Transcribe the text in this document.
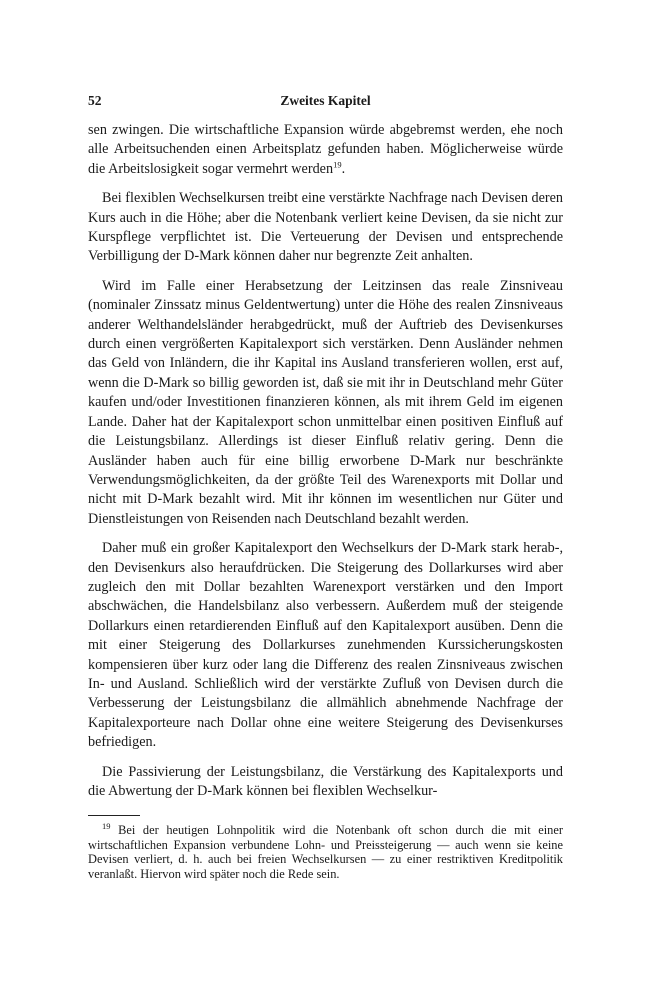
52	Zweites Kapitel

sen zwingen. Die wirtschaftliche Expansion würde abgebremst werden, ehe noch alle Arbeitsuchenden einen Arbeitsplatz gefunden haben. Möglicherweise würde die Arbeitslosigkeit sogar vermehrt werden$^{19}$.

Bei flexiblen Wechselkursen treibt eine verstärkte Nachfrage nach Devisen deren Kurs auch in die Höhe; aber die Notenbank verliert keine Devisen, da sie nicht zur Kurspflege verpflichtet ist. Die Verteuerung der Devisen und entsprechende Verbilligung der D-Mark können daher nur begrenzte Zeit anhalten.

Wird im Falle einer Herabsetzung der Leitzinsen das reale Zinsniveau (nominaler Zinssatz minus Geldentwertung) unter die Höhe des realen Zinsniveaus anderer Welthandelsländer herabgedrückt, muß der Auftrieb des Devisenkurses durch einen vergrößerten Kapitalexport sich verstärken. Denn Ausländer nehmen das Geld von Inländern, die ihr Kapital ins Ausland transferieren wollen, erst auf, wenn die D-Mark so billig geworden ist, daß sie mit ihr in Deutschland mehr Güter kaufen und/oder Investitionen finanzieren können, als mit ihrem Geld im eigenen Lande. Daher hat der Kapitalexport schon unmittelbar einen positiven Einfluß auf die Leistungsbilanz. Allerdings ist dieser Einfluß relativ gering. Denn die Ausländer haben auch für eine billig erworbene D-Mark nur beschränkte Verwendungsmöglichkeiten, da der größte Teil des Warenexports mit Dollar und nicht mit D-Mark bezahlt wird. Mit ihr können im wesentlichen nur Güter und Dienstleistungen von Reisenden nach Deutschland bezahlt werden.

Daher muß ein großer Kapitalexport den Wechselkurs der D-Mark stark herab-, den Devisenkurs also heraufdrücken. Die Steigerung des Dollarkurses wird aber zugleich den mit Dollar bezahlten Warenexport verstärken und den Import abschwächen, die Handelsbilanz also verbessern. Außerdem muß der steigende Dollarkurs einen retardierenden Einfluß auf den Kapitalexport ausüben. Denn die mit einer Steigerung des Dollarkurses zunehmenden Kurssicherungskosten kompensieren über kurz oder lang die Differenz des realen Zinsniveaus zwischen In- und Ausland. Schließlich wird der verstärkte Zufluß von Devisen durch die Verbesserung der Leistungsbilanz die allmählich abnehmende Nachfrage der Kapitalexporteure nach Dollar ohne eine weitere Steigerung des Devisenkurses befriedigen.

Die Passivierung der Leistungsbilanz, die Verstärkung des Kapitalexports und die Abwertung der D-Mark können bei flexiblen Wechselkur-

$^{19}$ Bei der heutigen Lohnpolitik wird die Notenbank oft schon durch die mit einer wirtschaftlichen Expansion verbundene Lohn- und Preissteigerung — auch wenn sie keine Devisen verliert, d. h. auch bei freien Wechselkursen — zu einer restriktiven Kreditpolitik veranlaßt. Hiervon wird später noch die Rede sein.
